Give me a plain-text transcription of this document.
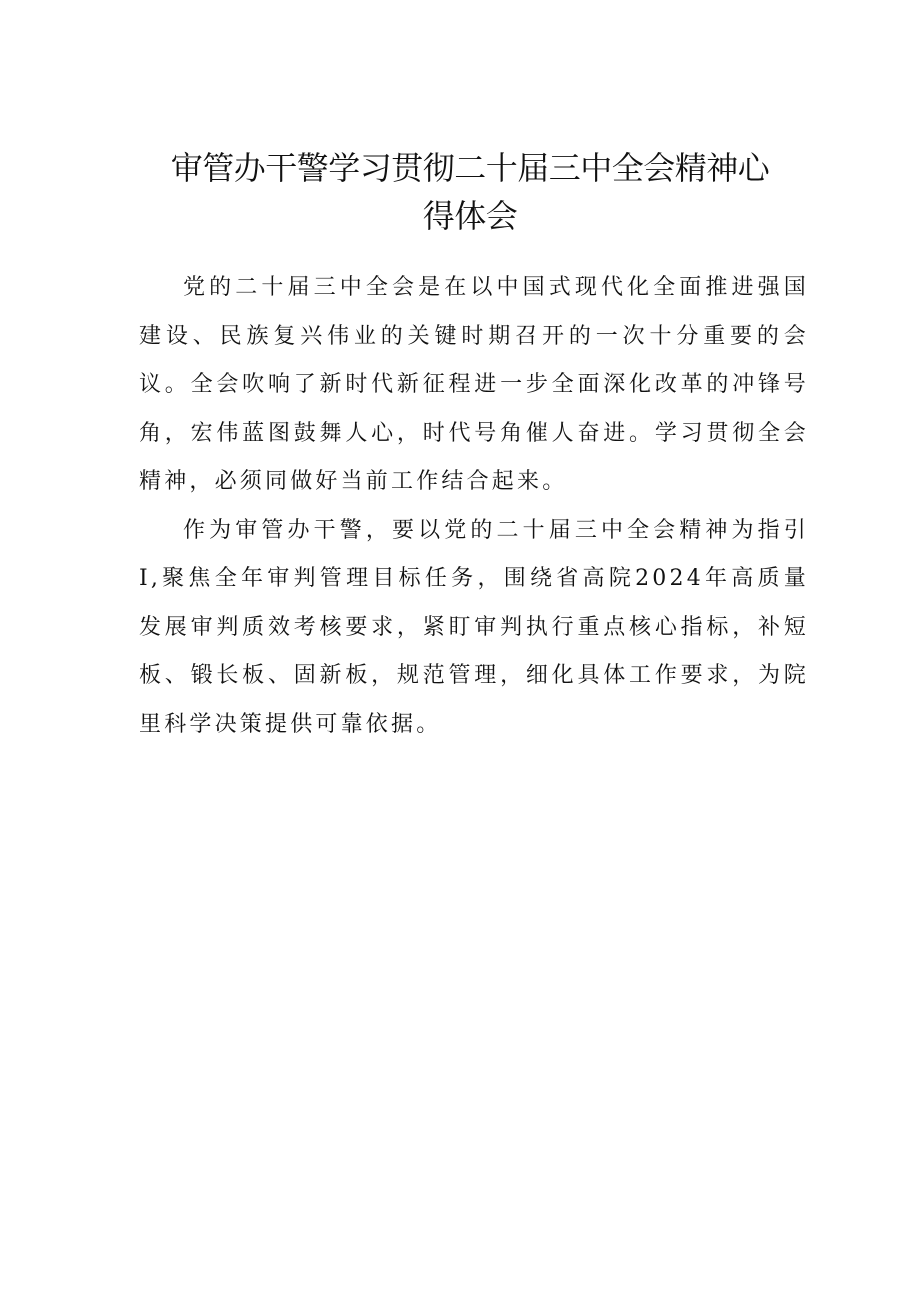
审管办干警学习贯彻二十届三中全会精神心
得体会

党的二十届三中全会是在以中国式现代化全面推进强国建设、民族复兴伟业的关键时期召开的一次十分重要的会议。全会吹响了新时代新征程进一步全面深化改革的冲锋号角，宏伟蓝图鼓舞人心，时代号角催人奋进。学习贯彻全会精神，必须同做好当前工作结合起来。

作为审管办干警，要以党的二十届三中全会精神为指引I,聚焦全年审判管理目标任务，围绕省高院2024年高质量发展审判质效考核要求，紧盯审判执行重点核心指标，补短板、锻长板、固新板，规范管理，细化具体工作要求，为院里科学决策提供可靠依据。
